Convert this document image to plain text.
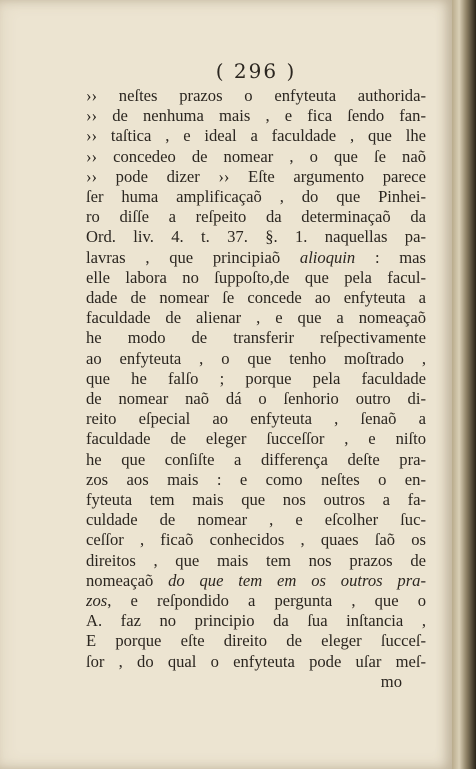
( 296 )
›› neſtes prazos o enfyteuta authorida-
›› de nenhuma mais , e fica ſendo fan-
›› taſtica , e ideal a faculdade , que lhe
›› concedeo de nomear , o que ſe naõ
›› pode dizer ›› Eſte argumento parece
ſer huma amplificaçaõ , do que Pinhei-
ro diſſe a reſpeito da determinaçaõ da
Ord. liv. 4. t. 37. §. 1. naquellas pa-
lavras , que principiaõ alioquin : mas
elle labora no ſuppoſto,de que pela facul-
dade de nomear ſe concede ao enfyteuta a
faculdade de alienar , e que a nomeaçaõ
he modo de transferir reſpectivamente
ao enfyteuta , o que tenho moſtrado ,
que he falſo ; porque pela faculdade
de nomear naõ dá o ſenhorio outro di-
reito eſpecial ao enfyteuta , ſenaõ a
faculdade de eleger ſucceſſor , e niſto
he que conſiſte a differença deſte pra-
zos aos mais : e como neſtes o en-
fyteuta tem mais que nos outros a fa-
culdade de nomear , e eſcolher ſuc-
ceſſor , ficaõ conhecidos , quaes ſaõ os
direitos , que mais tem nos prazos de
nomeaçaõ do que tem em os outros pra-
zos, e reſpondido a pergunta , que o
A. faz no principio da ſua inſtancia ,
E porque eſte direito de eleger ſucceſ-
ſor , do qual o enfyteuta pode uſar meſ-
mo
